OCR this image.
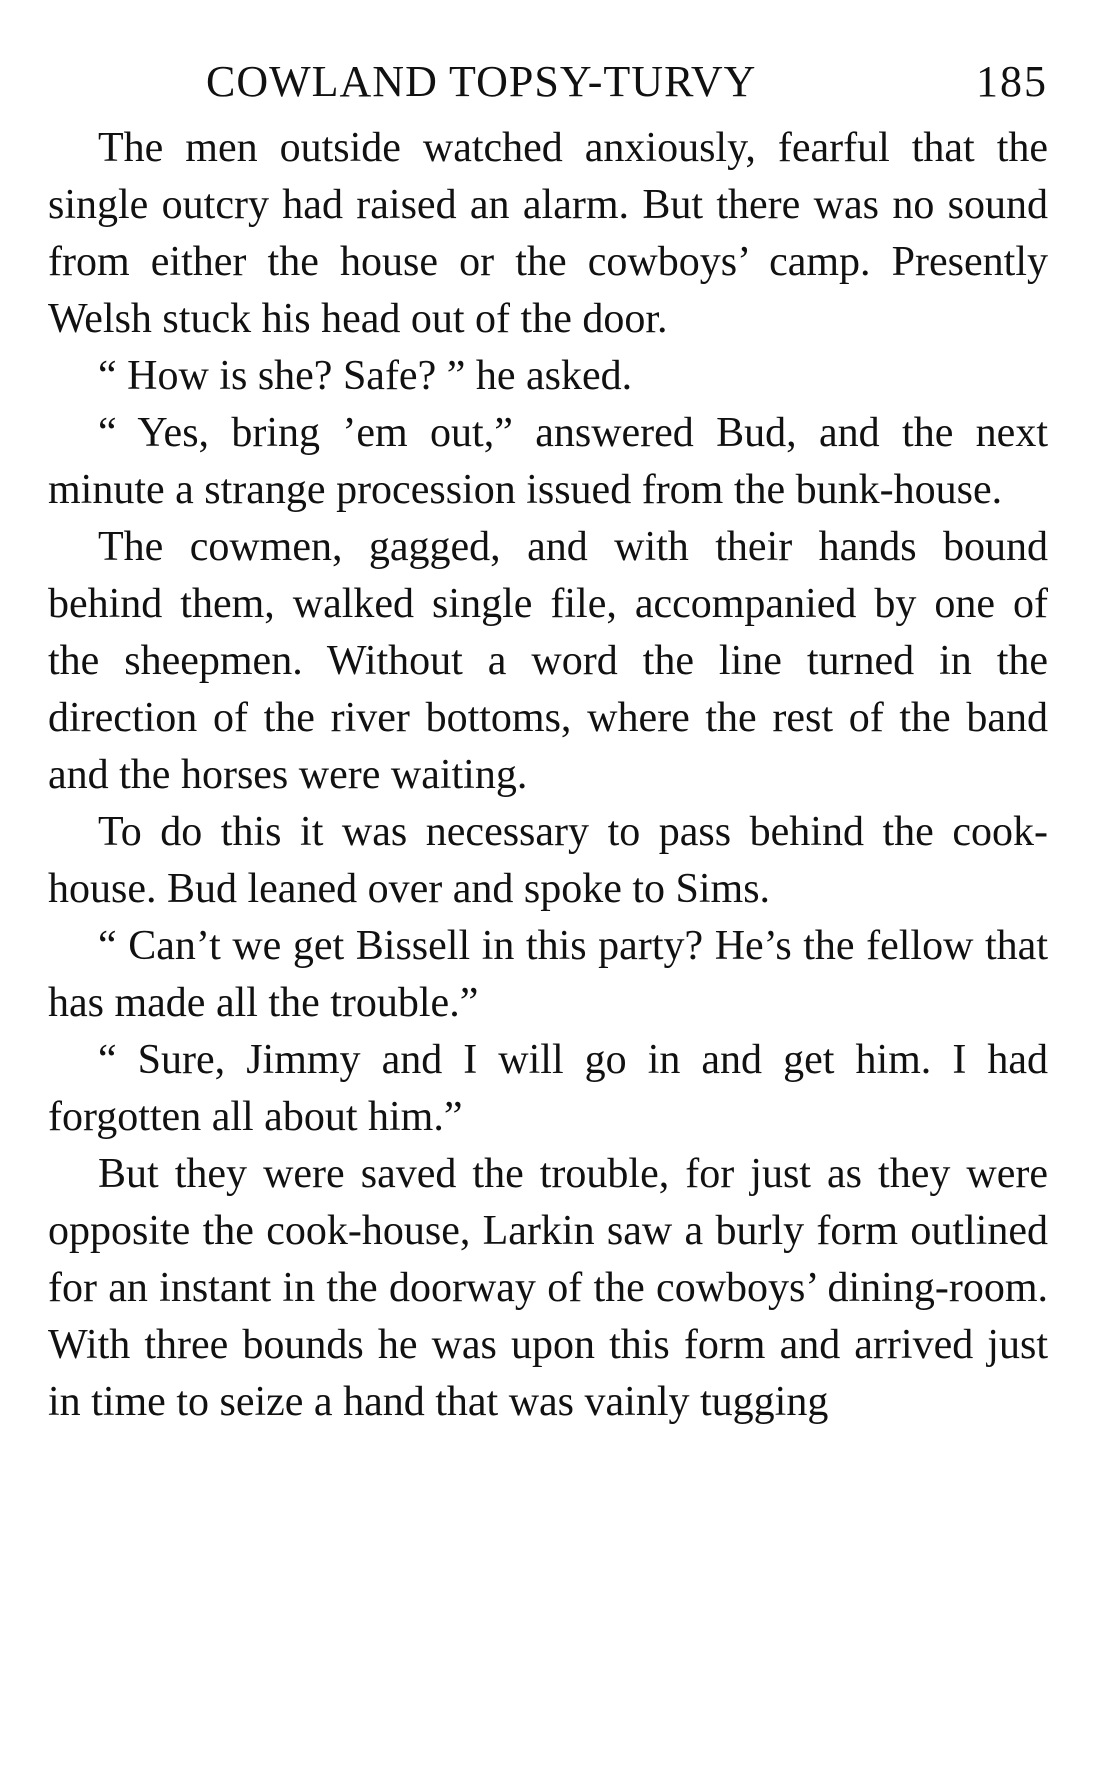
COWLAND TOPSY-TURVY	185

The men outside watched anxiously, fearful that the single outcry had raised an alarm. But there was no sound from either the house or the cowboys’ camp. Presently Welsh stuck his head out of the door.

“ How is she? Safe? ” he asked.

“ Yes, bring ’em out,” answered Bud, and the next minute a strange procession issued from the bunk-house.

The cowmen, gagged, and with their hands bound behind them, walked single file, accompanied by one of the sheepmen. Without a word the line turned in the direction of the river bottoms, where the rest of the band and the horses were waiting.

To do this it was necessary to pass behind the cook-house. Bud leaned over and spoke to Sims.

“ Can’t we get Bissell in this party? He’s the fellow that has made all the trouble.”

“ Sure, Jimmy and I will go in and get him. I had forgotten all about him.”

But they were saved the trouble, for just as they were opposite the cook-house, Larkin saw a burly form outlined for an instant in the doorway of the cowboys’ dining-room. With three bounds he was upon this form and arrived just in time to seize a hand that was vainly tugging
